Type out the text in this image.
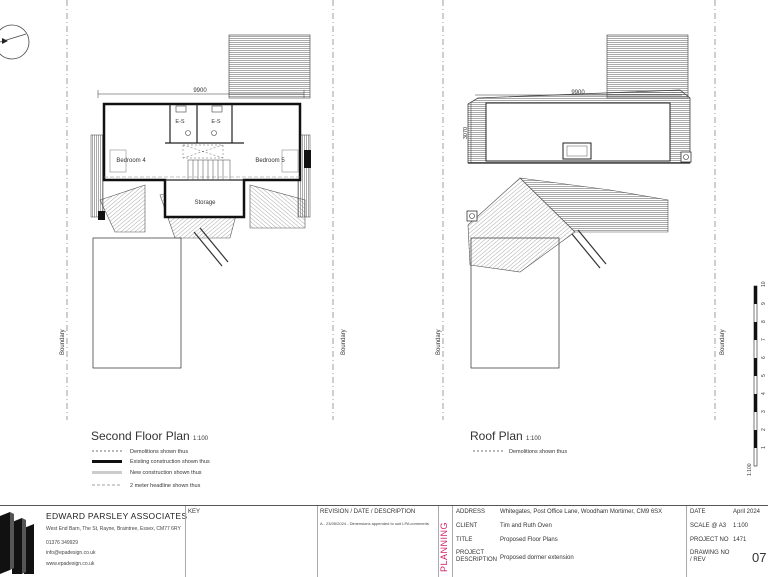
Boundary	Boundary	Boundary	Boundary
9900
Bedroom 4	Bedroom 5
E-S	E-S
Storage
9900
3070
10
9
8
7
6
5
4
3
2
1
1:100
Second Floor Plan 1:100	Roof Plan 1:100
Demolitions shown thus
Existing construction shown thus
New construction shown thus
2 meter headline shown thus
Demolitions shown thus
EDWARD PARSLEY ASSOCIATES
West End Barn, The St, Rayne, Braintree, Essex, CM77 6RY
01376 349929
info@epadesign.co.uk
www.epadesign.co.uk
KEY	REVISION / DATE / DESCRIPTION
A - 23/05/2024 - Dimensions appended to suit LPA comments PLANNING
ADDRESS Whitegates, Post Office Lane, Woodham Mortimer, CM9 6SX
CLIENT	Tim and Ruth Oven
TITLE	Proposed Floor Plans
PROJECT DESCRIPTION Proposed dormer extension
DATE	April 2024
SCALE @ A3 1:100
PROJECT NO 1471
DRAWING NO / REV	07
